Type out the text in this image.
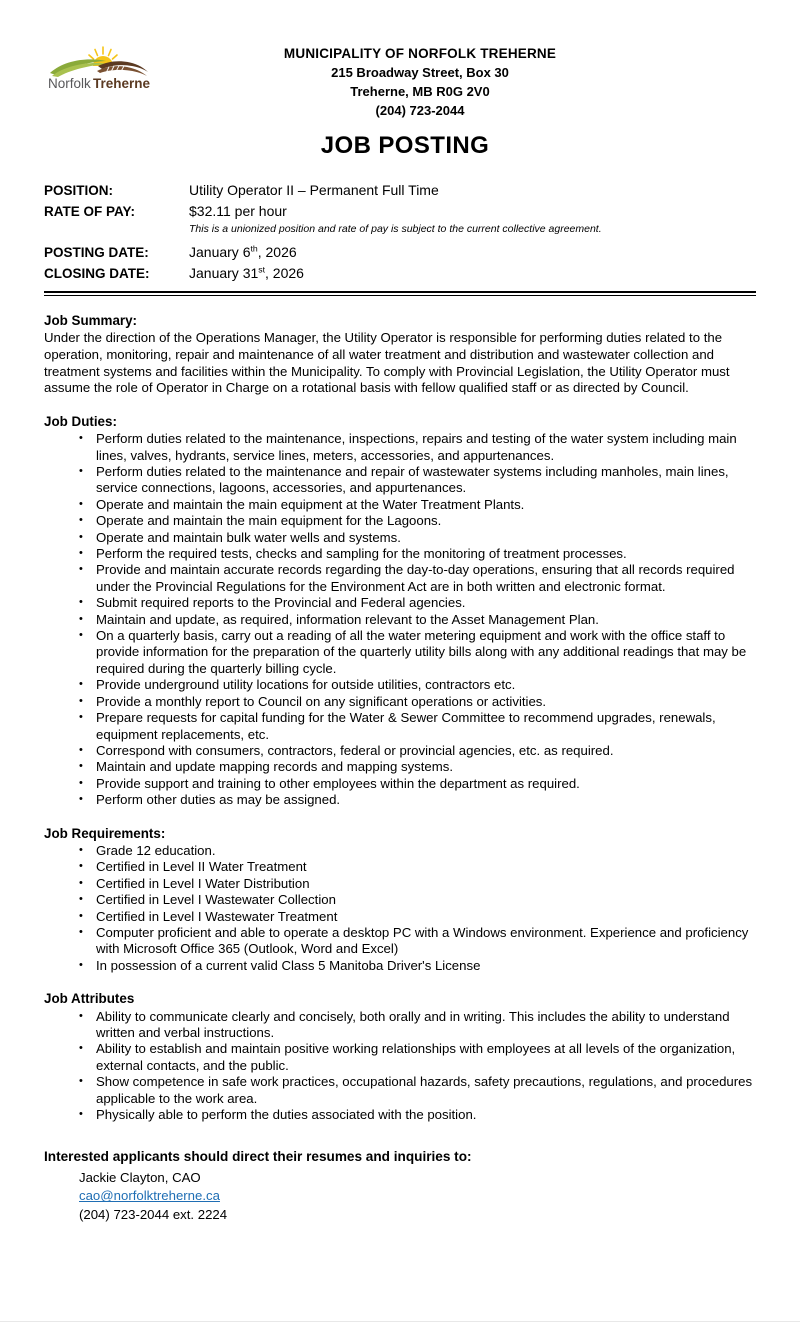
Norfolk Treherne
MUNICIPALITY OF NORFOLK TREHERNE
215 Broadway Street, Box 30
Treherne, MB R0G 2V0
(204) 723-2044
JOB POSTING
POSITION:	Utility Operator II – Permanent Full Time
RATE OF PAY:	$32.11 per hour
This is a unionized position and rate of pay is subject to the current collective agreement.
POSTING DATE:	January 6th, 2026
CLOSING DATE:	January 31st, 2026
Job Summary:
Under the direction of the Operations Manager, the Utility Operator is responsible for performing duties related to the operation, monitoring, repair and maintenance of all water treatment and distribution and wastewater collection and treatment systems and facilities within the Municipality. To comply with Provincial Legislation, the Utility Operator must assume the role of Operator in Charge on a rotational basis with fellow qualified staff or as directed by Council.
Job Duties:
• Perform duties related to the maintenance, inspections, repairs and testing of the water system including main lines, valves, hydrants, service lines, meters, accessories, and appurtenances.
• Perform duties related to the maintenance and repair of wastewater systems including manholes, main lines, service connections, lagoons, accessories, and appurtenances.
• Operate and maintain the main equipment at the Water Treatment Plants.
• Operate and maintain the main equipment for the Lagoons.
• Operate and maintain bulk water wells and systems.
• Perform the required tests, checks and sampling for the monitoring of treatment processes.
• Provide and maintain accurate records regarding the day-to-day operations, ensuring that all records required under the Provincial Regulations for the Environment Act are in both written and electronic format.
• Submit required reports to the Provincial and Federal agencies.
• Maintain and update, as required, information relevant to the Asset Management Plan.
• On a quarterly basis, carry out a reading of all the water metering equipment and work with the office staff to provide information for the preparation of the quarterly utility bills along with any additional readings that may be required during the quarterly billing cycle.
• Provide underground utility locations for outside utilities, contractors etc.
• Provide a monthly report to Council on any significant operations or activities.
• Prepare requests for capital funding for the Water & Sewer Committee to recommend upgrades, renewals, equipment replacements, etc.
• Correspond with consumers, contractors, federal or provincial agencies, etc. as required.
• Maintain and update mapping records and mapping systems.
• Provide support and training to other employees within the department as required.
• Perform other duties as may be assigned.
Job Requirements:
• Grade 12 education.
• Certified in Level II Water Treatment
• Certified in Level I Water Distribution
• Certified in Level I Wastewater Collection
• Certified in Level I Wastewater Treatment
• Computer proficient and able to operate a desktop PC with a Windows environment. Experience and proficiency with Microsoft Office 365 (Outlook, Word and Excel)
• In possession of a current valid Class 5 Manitoba Driver's License
Job Attributes
• Ability to communicate clearly and concisely, both orally and in writing. This includes the ability to understand written and verbal instructions.
• Ability to establish and maintain positive working relationships with employees at all levels of the organization, external contacts, and the public.
• Show competence in safe work practices, occupational hazards, safety precautions, regulations, and procedures applicable to the work area.
• Physically able to perform the duties associated with the position.
Interested applicants should direct their resumes and inquiries to:
Jackie Clayton, CAO
cao@norfolktreherne.ca
(204) 723-2044 ext. 2224
